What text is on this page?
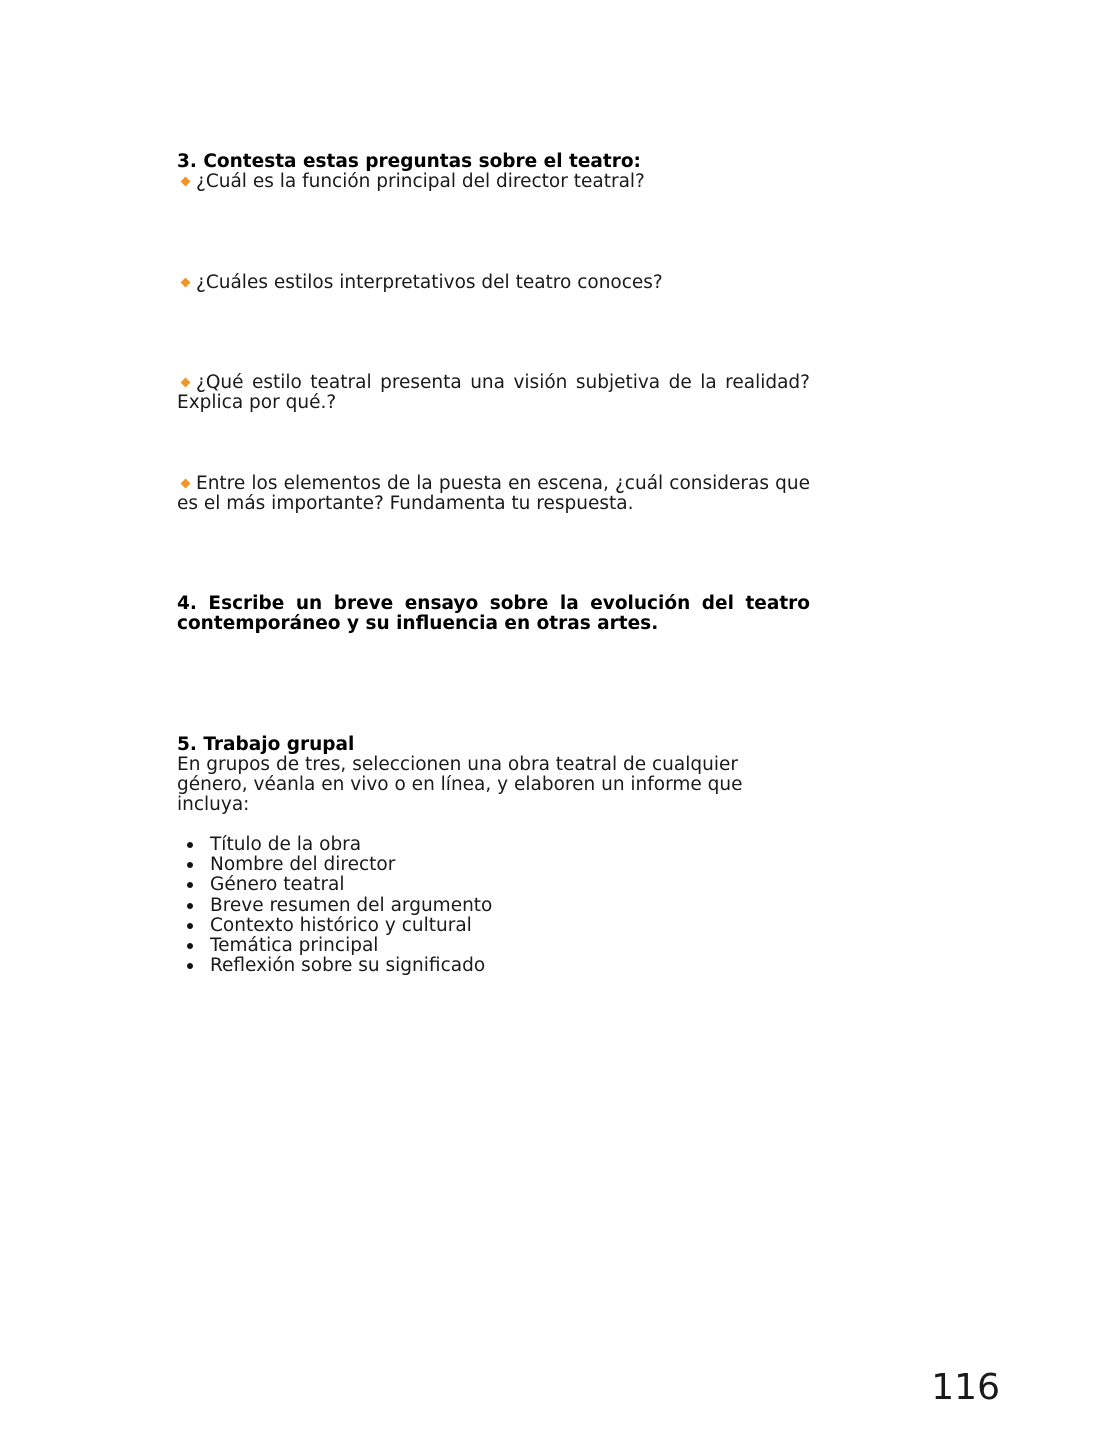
3. Contesta estas preguntas sobre el teatro:
¿Cuál es la función principal del director teatral?
¿Cuáles estilos interpretativos del teatro conoces?
¿Qué estilo teatral presenta una visión subjetiva de la realidad? Explica por qué.?
Entre los elementos de la puesta en escena, ¿cuál consideras que es el más importante? Fundamenta tu respuesta.
4. Escribe un breve ensayo sobre la evolución del teatro contemporáneo y su influencia en otras artes.
5. Trabajo grupal
En grupos de tres, seleccionen una obra teatral de cualquier género, véanla en vivo o en línea, y elaboren un informe que incluya:
Título de la obra
Nombre del director
Género teatral
Breve resumen del argumento
Contexto histórico y cultural
Temática principal
Reflexión sobre su significado
116
